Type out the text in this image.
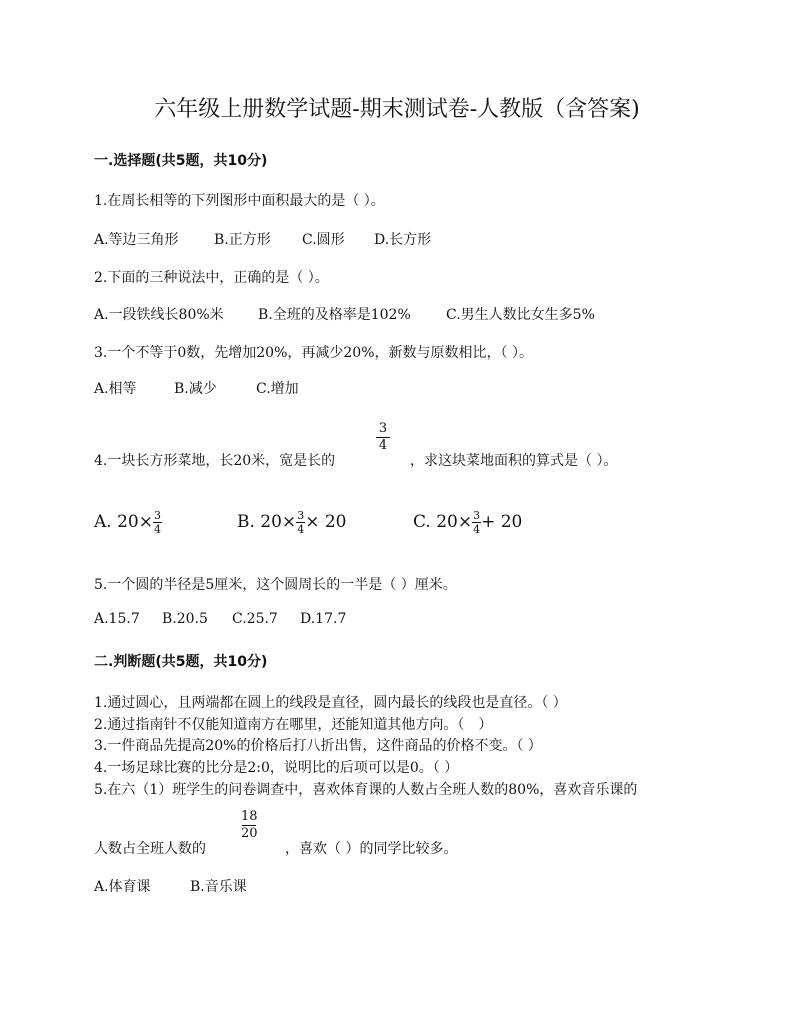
六年级上册数学试题-期末测试卷-人教版（含答案)
一.选择题(共5题，共10分)
1.在周长相等的下列图形中面积最大的是（ ）。
A.等边三角形	B.正方形 C.圆形 D.长方形
2.下面的三种说法中，正确的是（ ）。
A.一段铁线长80%米 B.全班的及格率是102%	C.男生人数比女生多5%
3.一个不等于0数，先增加20%，再减少20%，新数与原数相比，（ ）。
A.相等	B.减少	C.增加
4.一块长方形菜地，长20米，宽是长的
3
4
，求这块菜地面积的算式是（ ）。
A. $20\times \frac{3}{4}$	B. $20\times \frac{3}{4} \times 20$	C. $20\times \frac{3}{4} + 20$
5.一个圆的半径是5厘米，这个圆周长的一半是（ ）厘米。
A.15.7 B.20.5 C.25.7 D.17.7
二.判断题(共5题，共10分)
1.通过圆心，且两端都在圆上的线段是直径，圆内最长的线段也是直径。（ ）
2.通过指南针不仅能知道南方在哪里，还能知道其他方向。（　）
3.一件商品先提高20%的价格后打八折出售，这件商品的价格不变。（ ）
4.一场足球比赛的比分是2:0，说明比的后项可以是0。（ ）
5.在六（1）班学生的问卷调查中，喜欢体育课的人数占全班人数的80%，喜欢音乐课的
18
20
人数占全班人数的	，喜欢（ ）的同学比较多。
A.体育课	B.音乐课
